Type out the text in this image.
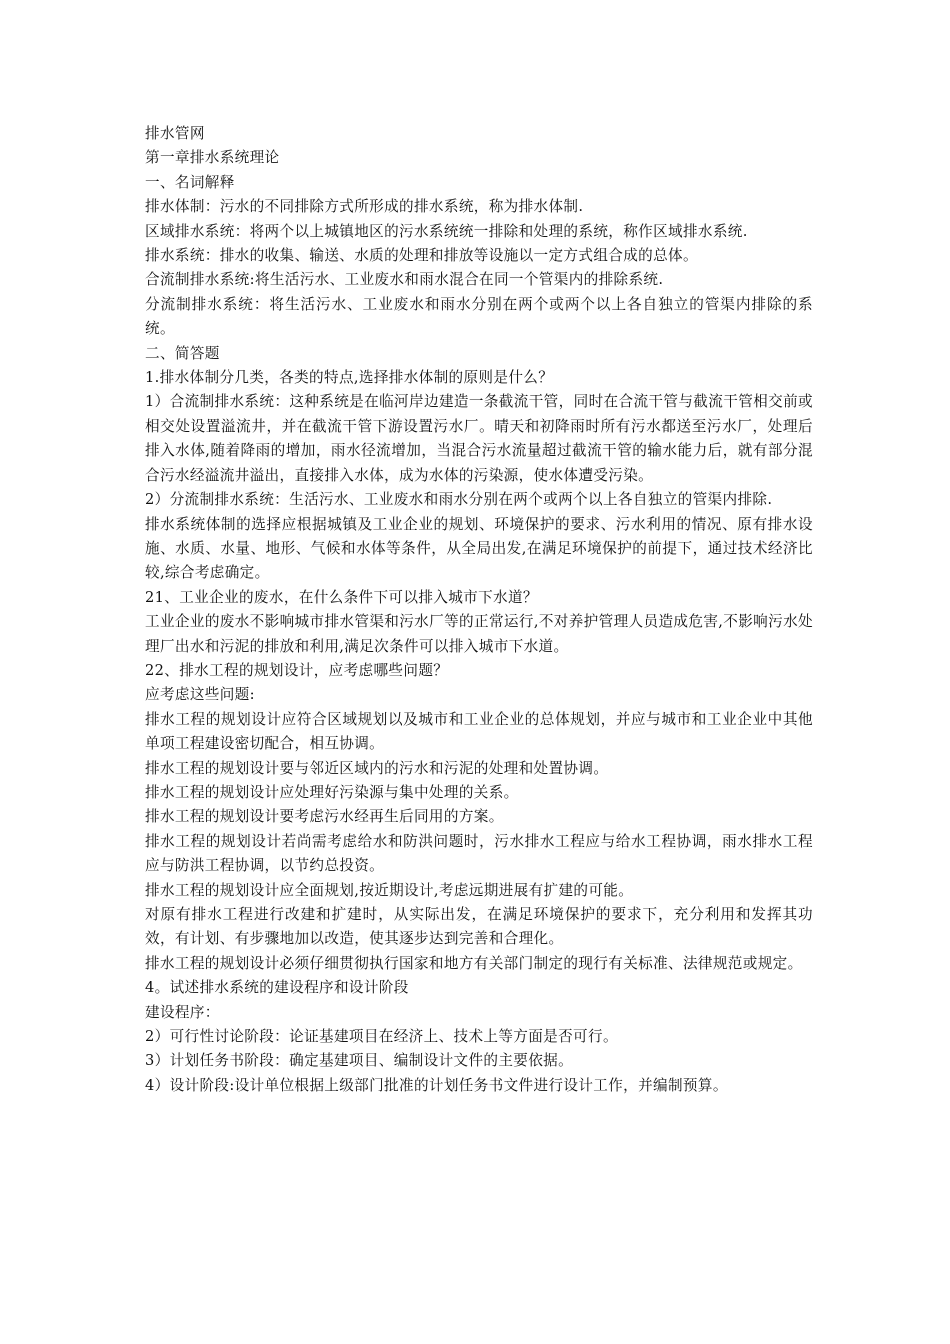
排水管网
第一章排水系统理论
一、名词解释
排水体制：污水的不同排除方式所形成的排水系统，称为排水体制.
区域排水系统：将两个以上城镇地区的污水系统统一排除和处理的系统，称作区域排水系统.
排水系统：排水的收集、输送、水质的处理和排放等设施以一定方式组合成的总体。
合流制排水系统:将生活污水、工业废水和雨水混合在同一个管渠内的排除系统.
分流制排水系统：将生活污水、工业废水和雨水分别在两个或两个以上各自独立的管渠内排除的系统。
二、简答题
1.排水体制分几类，各类的特点,选择排水体制的原则是什么？
1）合流制排水系统：这种系统是在临河岸边建造一条截流干管，同时在合流干管与截流干管相交前或相交处设置溢流井，并在截流干管下游设置污水厂。晴天和初降雨时所有污水都送至污水厂，处理后排入水体,随着降雨的增加，雨水径流增加，当混合污水流量超过截流干管的输水能力后，就有部分混合污水经溢流井溢出，直接排入水体，成为水体的污染源，使水体遭受污染。
2）分流制排水系统：生活污水、工业废水和雨水分别在两个或两个以上各自独立的管渠内排除.
排水系统体制的选择应根据城镇及工业企业的规划、环境保护的要求、污水利用的情况、原有排水设施、水质、水量、地形、气候和水体等条件，从全局出发,在满足环境保护的前提下，通过技术经济比较,综合考虑确定。
21、工业企业的废水，在什么条件下可以排入城市下水道？
工业企业的废水不影响城市排水管渠和污水厂等的正常运行,不对养护管理人员造成危害,不影响污水处理厂出水和污泥的排放和利用,满足次条件可以排入城市下水道。
22、排水工程的规划设计，应考虑哪些问题？
应考虑这些问题:
排水工程的规划设计应符合区域规划以及城市和工业企业的总体规划，并应与城市和工业企业中其他单项工程建设密切配合，相互协调。
排水工程的规划设计要与邻近区域内的污水和污泥的处理和处置协调。
排水工程的规划设计应处理好污染源与集中处理的关系。
排水工程的规划设计要考虑污水经再生后同用的方案。
排水工程的规划设计若尚需考虑给水和防洪问题时，污水排水工程应与给水工程协调，雨水排水工程应与防洪工程协调，以节约总投资。
排水工程的规划设计应全面规划,按近期设计,考虑远期进展有扩建的可能。
对原有排水工程进行改建和扩建时，从实际出发，在满足环境保护的要求下，充分利用和发挥其功效，有计划、有步骤地加以改造，使其逐步达到完善和合理化。
排水工程的规划设计必须仔细贯彻执行国家和地方有关部门制定的现行有关标准、法律规范或规定。
4。试述排水系统的建设程序和设计阶段
建设程序：
2）可行性讨论阶段：论证基建项目在经济上、技术上等方面是否可行。
3）计划任务书阶段：确定基建项目、编制设计文件的主要依据。
4）设计阶段:设计单位根据上级部门批准的计划任务书文件进行设计工作，并编制预算。
